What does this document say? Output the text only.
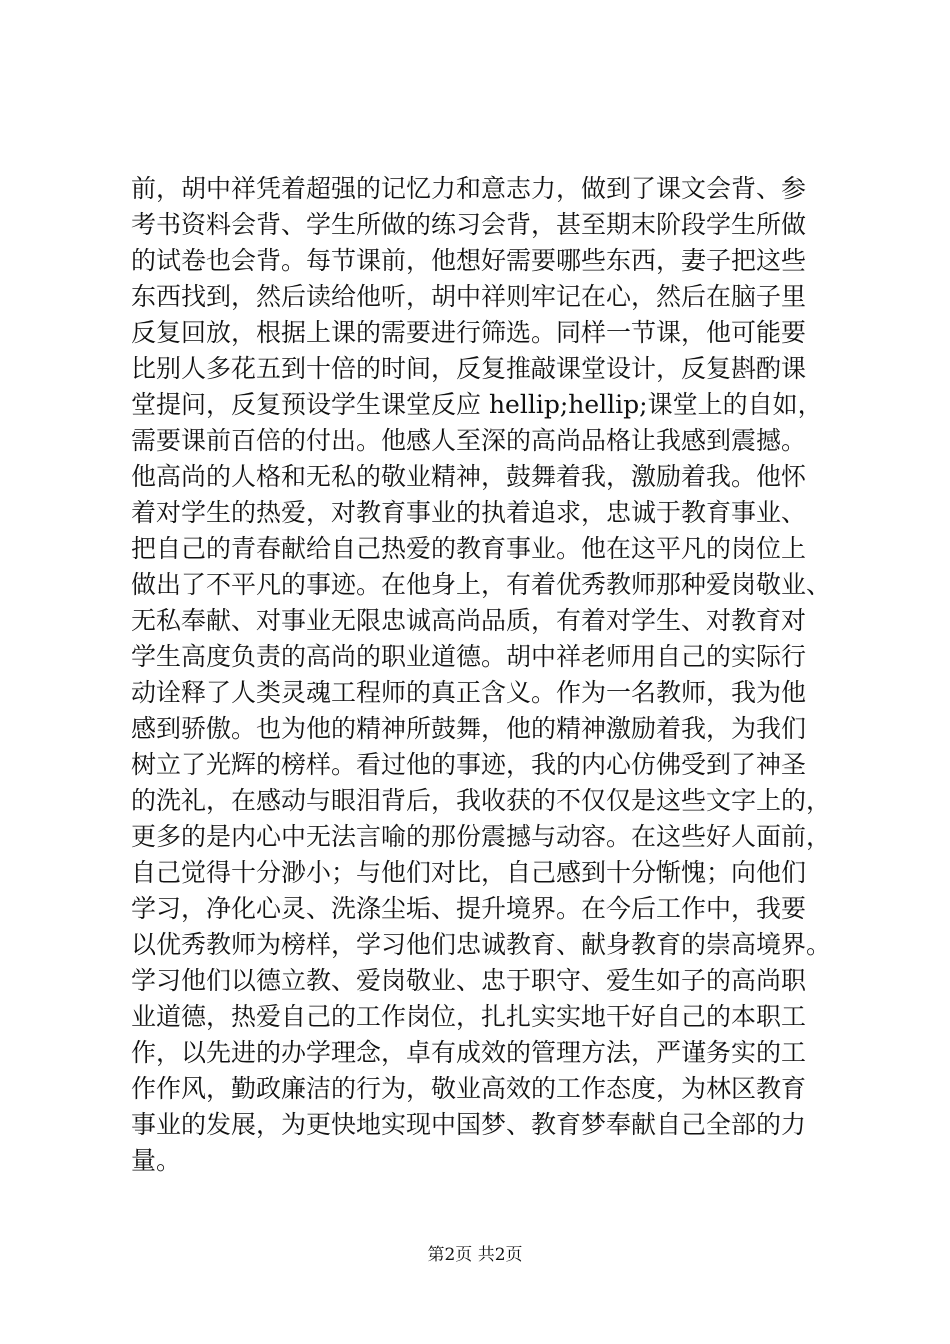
前，胡中祥凭着超强的记忆力和意志力，做到了课文会背、参
考书资料会背、学生所做的练习会背，甚至期末阶段学生所做
的试卷也会背。每节课前，他想好需要哪些东西，妻子把这些
东西找到，然后读给他听，胡中祥则牢记在心，然后在脑子里
反复回放，根据上课的需要进行筛选。同样一节课，他可能要
比别人多花五到十倍的时间，反复推敲课堂设计，反复斟酌课
堂提问，反复预设学生课堂反应 hellip;hellip;课堂上的自如，
需要课前百倍的付出。他感人至深的高尚品格让我感到震撼。
他高尚的人格和无私的敬业精神，鼓舞着我，激励着我。他怀
着对学生的热爱，对教育事业的执着追求，忠诚于教育事业、
把自己的青春献给自己热爱的教育事业。他在这平凡的岗位上
做出了不平凡的事迹。在他身上，有着优秀教师那种爱岗敬业、
无私奉献、对事业无限忠诚高尚品质，有着对学生、对教育对
学生高度负责的高尚的职业道德。胡中祥老师用自己的实际行
动诠释了人类灵魂工程师的真正含义。作为一名教师，我为他
感到骄傲。也为他的精神所鼓舞，他的精神激励着我，为我们
树立了光辉的榜样。看过他的事迹，我的内心仿佛受到了神圣
的洗礼，在感动与眼泪背后，我收获的不仅仅是这些文字上的，
更多的是内心中无法言喻的那份震撼与动容。在这些好人面前，
自己觉得十分渺小；与他们对比，自己感到十分惭愧；向他们
学习，净化心灵、洗涤尘垢、提升境界。在今后工作中，我要
以优秀教师为榜样，学习他们忠诚教育、献身教育的崇高境界。
学习他们以德立教、爱岗敬业、忠于职守、爱生如子的高尚职
业道德，热爱自己的工作岗位，扎扎实实地干好自己的本职工
作，以先进的办学理念，卓有成效的管理方法，严谨务实的工
作作风，勤政廉洁的行为，敬业高效的工作态度，为林区教育
事业的发展，为更快地实现中国梦、教育梦奉献自己全部的力
量。
第2页 共2页
